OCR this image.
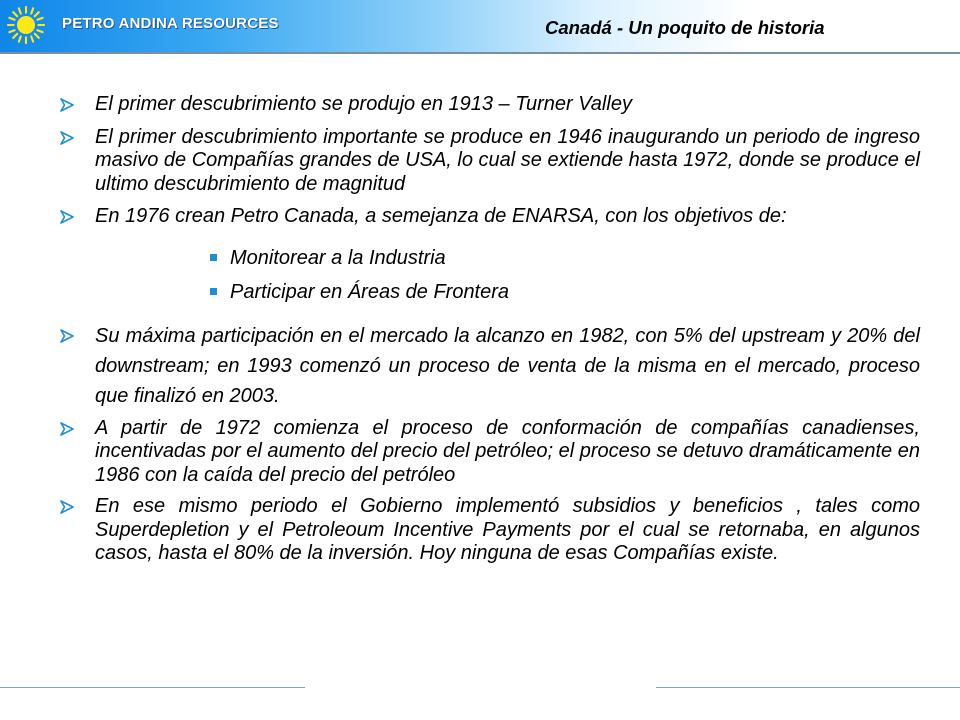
PETRO ANDINA RESOURCES	Canadá - Un poquito de historia

El primer descubrimiento se produjo en 1913 – Turner Valley

El primer descubrimiento importante se produce en 1946 inaugurando un periodo de ingreso masivo de Compañías grandes de USA, lo cual se extiende hasta 1972, donde se produce el ultimo descubrimiento de magnitud

En 1976 crean Petro Canada, a semejanza de ENARSA, con los objetivos de:

Monitorear a la Industria

Participar en Áreas de Frontera

Su máxima participación en el mercado la alcanzo en 1982, con 5% del upstream y 20% del downstream; en 1993 comenzó un proceso de venta de la misma en el mercado, proceso que finalizó en 2003.

A partir de 1972 comienza el proceso de conformación de compañías canadienses, incentivadas por el aumento del precio del petróleo; el proceso se detuvo dramáticamente en 1986 con la caída del precio del petróleo

En ese mismo periodo el Gobierno implementó subsidios y beneficios , tales como Superdepletion y el Petroleoum Incentive Payments por el cual se retornaba, en algunos casos, hasta el 80% de la inversión. Hoy ninguna de esas Compañías existe.
